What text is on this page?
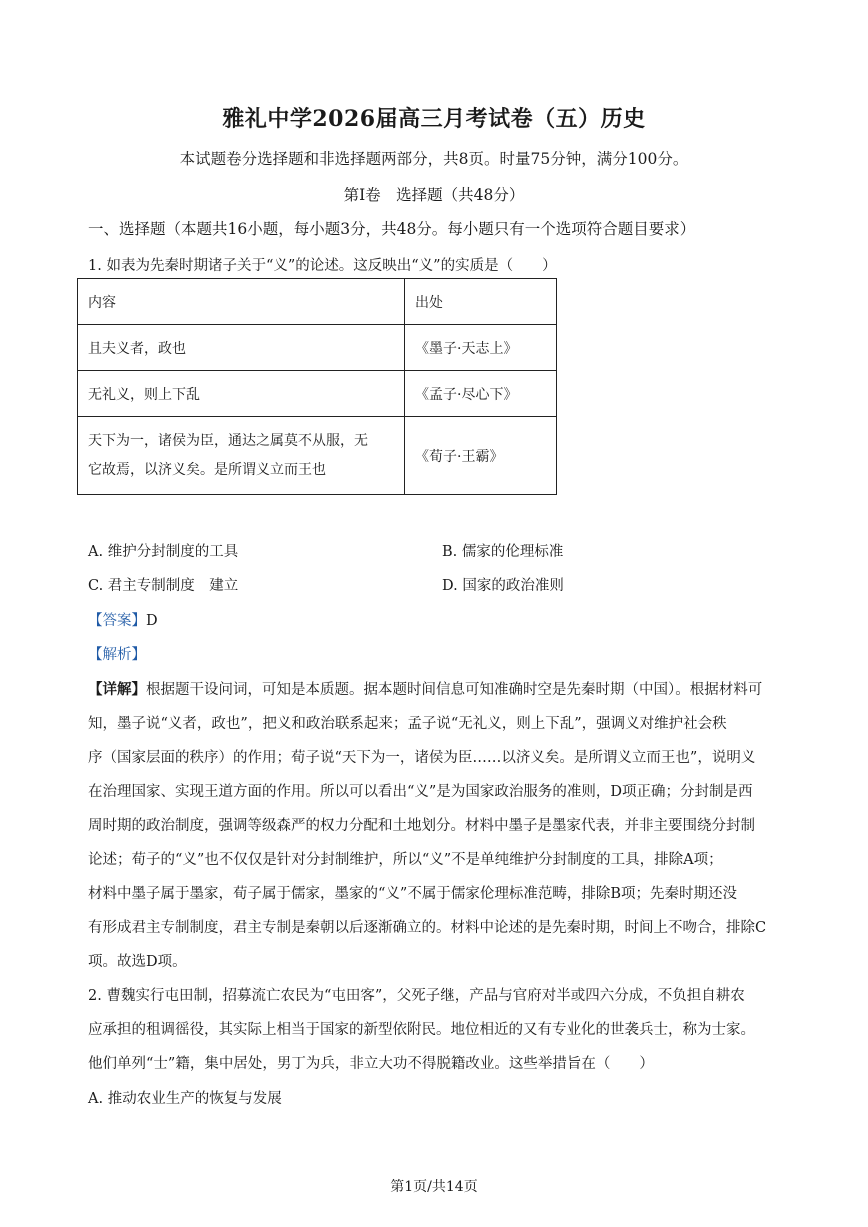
雅礼中学2026届高三月考试卷（五）历史
本试题卷分选择题和非选择题两部分，共8页。时量75分钟，满分100分。
第Ⅰ卷　选择题（共48分）
一、选择题（本题共16小题，每小题3分，共48分。每小题只有一个选项符合题目要求）
1. 如表为先秦时期诸子关于“义”的论述。这反映出“义”的实质是（　　）
内容	出处
且夫义者，政也	《墨子·天志上》
无礼义，则上下乱	《孟子·尽心下》

天下为一，诸侯为臣，通达之属莫不从服，无
它故焉，以济义矣。是所谓义立而王也	《荀子·王霸》
A. 维护分封制度的工具	B. 儒家的伦理标准
C. 君主专制制度　建立	D. 国家的政治准则
【答案】D
【解析】
【详解】根据题干设问词，可知是本质题。据本题时间信息可知准确时空是先秦时期（中国）。根据材料可
知，墨子说“义者，政也”，把义和政治联系起来；孟子说“无礼义，则上下乱”，强调义对维护社会秩
序（国家层面的秩序）的作用；荀子说“天下为一，诸侯为臣……以济义矣。是所谓义立而王也”，说明义
在治理国家、实现王道方面的作用。所以可以看出“义”是为国家政治服务的准则，D项正确；分封制是西
周时期的政治制度，强调等级森严的权力分配和土地划分。材料中墨子是墨家代表，并非主要围绕分封制
论述；荀子的“义”也不仅仅是针对分封制维护，所以“义”不是单纯维护分封制度的工具，排除A项；
材料中墨子属于墨家，荀子属于儒家，墨家的“义”不属于儒家伦理标准范畴，排除B项；先秦时期还没
有形成君主专制制度，君主专制是秦朝以后逐渐确立的。材料中论述的是先秦时期，时间上不吻合，排除C
项。故选D项。
2. 曹魏实行屯田制，招募流亡农民为“屯田客”，父死子继，产品与官府对半或四六分成，不负担自耕农
应承担的租调徭役，其实际上相当于国家的新型依附民。地位相近的又有专业化的世袭兵士，称为士家。
他们单列“士”籍，集中居处，男丁为兵，非立大功不得脱籍改业。这些举措旨在（　　）
A. 推动农业生产的恢复与发展
第1页/共14页
